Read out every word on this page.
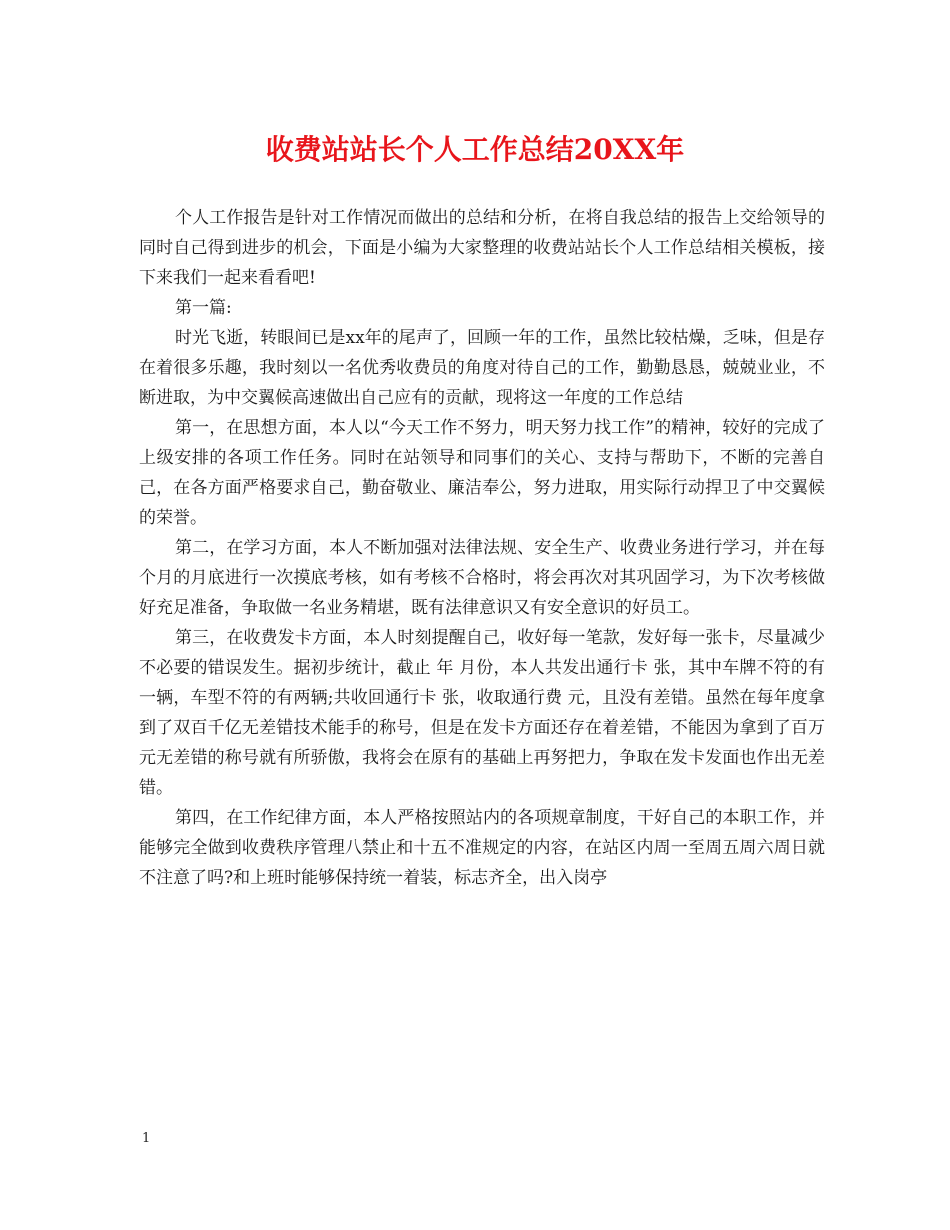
收费站站长个人工作总结20XX年

个人工作报告是针对工作情况而做出的总结和分析，在将自我总结的报告上交给领导的同时自己得到进步的机会，下面是小编为大家整理的收费站站长个人工作总结相关模板，接下来我们一起来看看吧!

第一篇:

时光飞逝，转眼间已是xx年的尾声了，回顾一年的工作，虽然比较枯燥，乏味，但是存在着很多乐趣，我时刻以一名优秀收费员的角度对待自己的工作，勤勤恳恳，兢兢业业，不断进取，为中交翼候高速做出自己应有的贡献，现将这一年度的工作总结

第一，在思想方面，本人以“今天工作不努力，明天努力找工作”的精神，较好的完成了上级安排的各项工作任务。同时在站领导和同事们的关心、支持与帮助下，不断的完善自己，在各方面严格要求自己，勤奋敬业、廉洁奉公，努力进取，用实际行动捍卫了中交翼候的荣誉。

第二，在学习方面，本人不断加强对法律法规、安全生产、收费业务进行学习，并在每个月的月底进行一次摸底考核，如有考核不合格时，将会再次对其巩固学习，为下次考核做好充足准备，争取做一名业务精堪，既有法律意识又有安全意识的好员工。

第三，在收费发卡方面，本人时刻提醒自己，收好每一笔款，发好每一张卡，尽量减少不必要的错误发生。据初步统计，截止 年 月份，本人共发出通行卡 张，其中车牌不符的有一辆，车型不符的有两辆;共收回通行卡 张，收取通行费 元，且没有差错。虽然在每年度拿到了双百千亿无差错技术能手的称号，但是在发卡方面还存在着差错，不能因为拿到了百万元无差错的称号就有所骄傲，我将会在原有的基础上再努把力，争取在发卡发面也作出无差错。

第四，在工作纪律方面，本人严格按照站内的各项规章制度，干好自己的本职工作，并能够完全做到收费秩序管理八禁止和十五不准规定的内容，在站区内周一至周五周六周日就不注意了吗?和上班时能够保持统一着装，标志齐全，出入岗亭

1
